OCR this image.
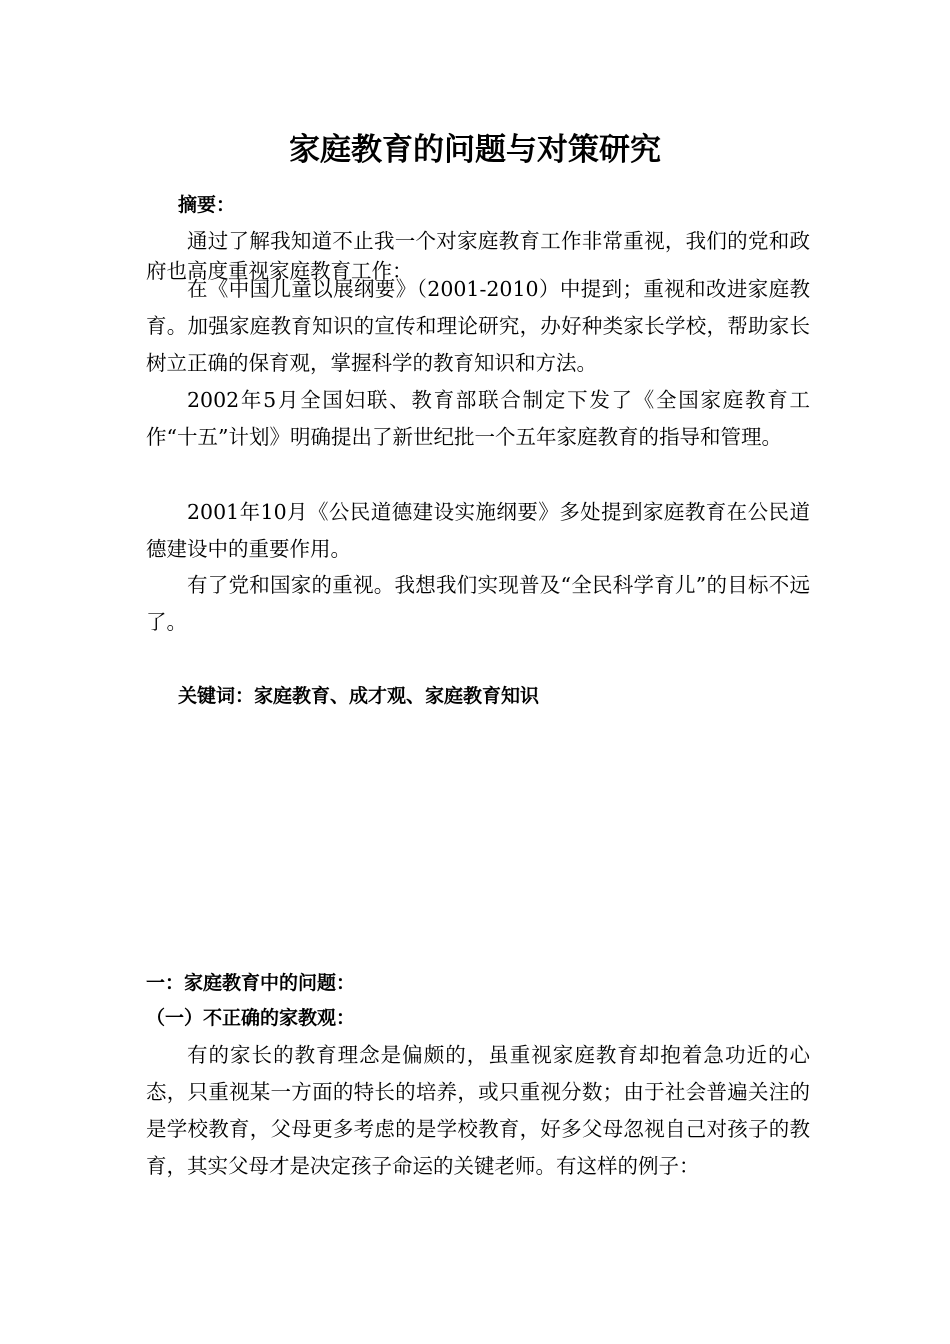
家庭教育的问题与对策研究

摘要：

通过了解我知道不止我一个对家庭教育工作非常重视，我们的党和政府也高度重视家庭教育工作：

在《中国儿童以展纲要》（2001-2010）中提到；重视和改进家庭教育。加强家庭教育知识的宣传和理论研究，办好种类家长学校，帮助家长树立正确的保育观，掌握科学的教育知识和方法。

2002年5月全国妇联、教育部联合制定下发了《全国家庭教育工作“十五”计划》明确提出了新世纪批一个五年家庭教育的指导和管理。

2001年10月《公民道德建设实施纲要》多处提到家庭教育在公民道德建设中的重要作用。

有了党和国家的重视。我想我们实现普及“全民科学育儿”的目标不远了。

关键词：家庭教育、成才观、家庭教育知识

一：家庭教育中的问题：

（一）不正确的家教观：

有的家长的教育理念是偏颇的，虽重视家庭教育却抱着急功近的心态，只重视某一方面的特长的培养，或只重视分数；由于社会普遍关注的是学校教育，父母更多考虑的是学校教育，好多父母忽视自己对孩子的教育，其实父母才是决定孩子命运的关键老师。有这样的例子：
